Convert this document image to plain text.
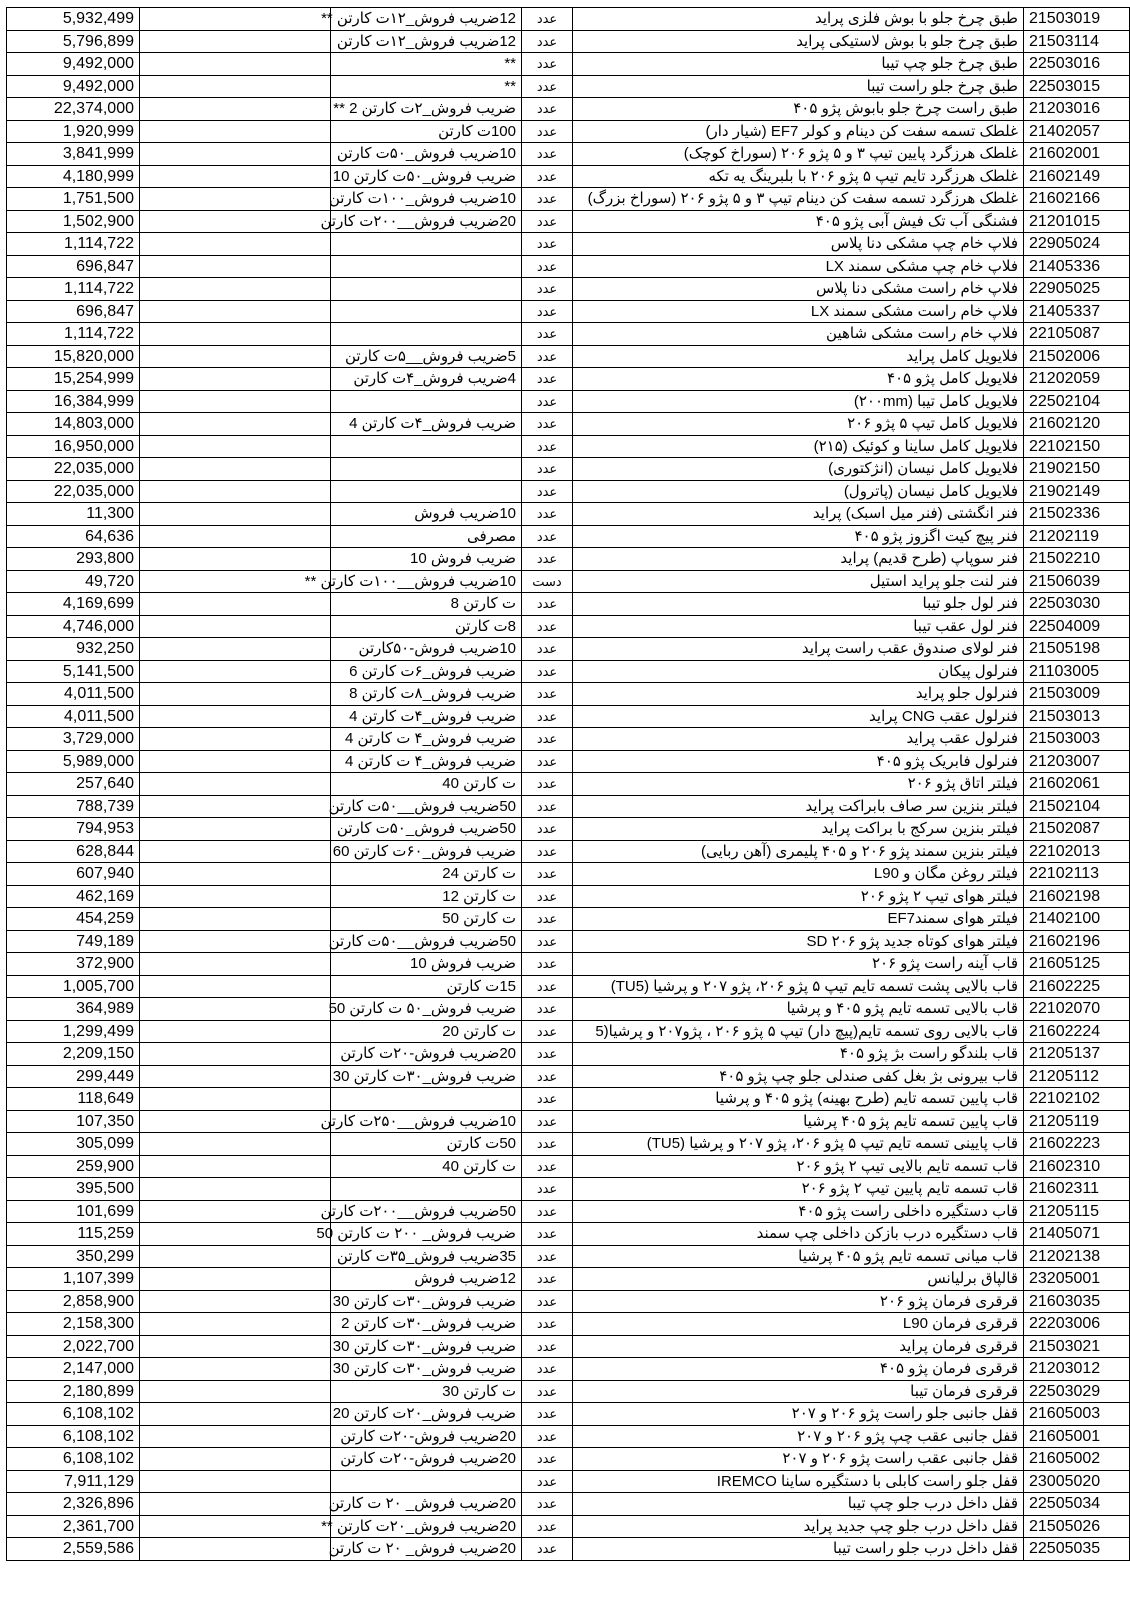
5,932,499		12ضریب فروش_۱۲ت کارتن **	عدد	طبق چرخ جلو با بوش فلزی پراید	21503019
5,796,899		12ضریب فروش_۱۲ت کارتن	عدد	طبق چرخ جلو با بوش لاستیکی پراید	21503114
9,492,000		**	عدد	طبق چرخ جلو چپ تیبا	22503016
9,492,000		**	عدد	طبق چرخ جلو راست تیبا	22503015
22,374,000		ضریب فروش_۲ت کارتن 2 **	عدد	طبق راست چرخ جلو بابوش پژو ۴۰۵	21203016
1,920,999		100ت کارتن	عدد	غلطک تسمه سفت کن دینام و کولر EF7 (شیار دار)	21402057
3,841,999		10ضریب فروش_۵۰ت کارتن	عدد	غلطک هرزگرد پایین تیپ ۳ و ۵ پژو ۲۰۶ (سوراخ کوچک)	21602001
4,180,999		ضریب فروش_۵۰ت کارتن 10	عدد	غلطک هرزگرد تایم تیپ ۵ پژو ۲۰۶ با بلبرینگ یه تکه	21602149
1,751,500		10ضریب فروش_۱۰۰ت کارتن	عدد	غلطک هرزگرد تسمه سفت کن دینام تیپ ۳ و ۵ پژو ۲۰۶ (سوراخ بزرگ)	21602166
1,502,900		20ضریب فروش__۲۰۰ت کارتن	عدد	فشنگی آب تک فیش آبی پژو ۴۰۵	21201015
1,114,722			عدد	فلاپ خام چپ مشکی دنا پلاس	22905024
696,847			عدد	فلاپ خام چپ مشکی سمند LX	21405336
1,114,722			عدد	فلاپ خام راست مشکی دنا پلاس	22905025
696,847			عدد	فلاپ خام راست مشکی سمند LX	21405337
1,114,722			عدد	فلاپ خام راست مشکی شاهین	22105087
15,820,000		5ضریب فروش__۵ت کارتن	عدد	فلایویل کامل پراید	21502006
15,254,999		4ضریب فروش_۴ت کارتن	عدد	فلایویل کامل پژو ۴۰۵	21202059
16,384,999			عدد	فلایویل کامل تیبا (۲۰۰mm)	22502104
14,803,000		ضریب فروش_۴ت کارتن 4	عدد	فلایویل کامل تیپ ۵ پژو ۲۰۶	21602120
16,950,000			عدد	فلایویل کامل ساینا و کوئیک (۲۱۵)	22102150
22,035,000			عدد	فلایویل کامل نیسان (انژکتوری)	21902150
22,035,000			عدد	فلایویل کامل نیسان (پاترول)	21902149
11,300		10ضریب فروش	عدد	فنر انگشتی (فنر میل اسبک) پراید	21502336
64,636		مصرفی	عدد	فنر پیچ کیت اگزوز پژو ۴۰۵	21202119
293,800		ضریب فروش 10	عدد	فنر سوپاپ (طرح قدیم) پراید	21502210
49,720		10ضریب فروش__۱۰۰ت کارتن **	دست	فنر لنت جلو پراید استیل	21506039
4,169,699		ت کارتن 8	عدد	فنر لول جلو تیبا	22503030
4,746,000		8ت کارتن	عدد	فنر لول عقب تیبا	22504009
932,250		10ضریب فروش-۵۰کارتن	عدد	فنر لولای صندوق عقب راست پراید	21505198
5,141,500		ضریب فروش_۶ت کارتن 6	عدد	فنرلول پیکان	21103005
4,011,500		ضریب فروش_۸ت کارتن 8	عدد	فنرلول جلو پراید	21503009
4,011,500		ضریب فروش_۴ت کارتن 4	عدد	فنرلول عقب CNG پراید	21503013
3,729,000		ضریب فروش_۴ ت کارتن 4	عدد	فنرلول عقب پراید	21503003
5,989,000		ضریب فروش_۴ ت کارتن 4	عدد	فنرلول فابریک پژو ۴۰۵	21203007
257,640		ت کارتن 40	عدد	فیلتر اتاق پژو ۲۰۶	21602061
788,739		50ضریب فروش__۵۰ت کارتن	عدد	فیلتر بنزین سر صاف بابراکت پراید	21502104
794,953		50ضریب فروش_۵۰ت کارتن	عدد	فیلتر بنزین سرکج با براکت پراید	21502087
628,844		ضریب فروش_۶۰ت کارتن 60	عدد	فیلتر بنزین سمند پژو ۲۰۶ و ۴۰۵ پلیمری (آهن ربایی)	22102013
607,940		ت کارتن 24	عدد	فیلتر روغن مگان و L90	22102113
462,169		ت کارتن 12	عدد	فیلتر هوای تیپ ۲ پژو ۲۰۶	21602198
454,259		ت کارتن 50	عدد	فیلتر هوای سمندEF7	21402100
749,189		50ضریب فروش__۵۰ت کارتن	عدد	فیلتر هوای کوتاه جدید پژو ۲۰۶ SD	21602196
372,900		ضریب فروش 10	عدد	قاب آینه راست پژو ۲۰۶	21605125
1,005,700		15ت کارتن	عدد	قاب بالایی پشت تسمه تایم تیپ ۵ پژو ۲۰۶، پژو ۲۰۷ و پرشیا (TU5)	21602225
364,989		ضریب فروش_۵۰ ت کارتن 50	عدد	قاب بالایی تسمه تایم پژو ۴۰۵ و پرشیا	22102070
1,299,499		ت کارتن 20	عدد	قاب بالایی روی تسمه تایم(پیچ دار) تیپ ۵ پژو ۲۰۶ ، پژو۲۰۷ و پرشیا(5	21602224
2,209,150		20ضریب فروش-۲۰ت کارتن	عدد	قاب بلندگو راست بژ پژو ۴۰۵	21205137
299,449		ضریب فروش_۳۰ت کارتن 30	عدد	قاب بیرونی بژ بغل کفی صندلی جلو چپ پژو ۴۰۵	21205112
118,649			عدد	قاب پایین تسمه تایم (طرح بهینه) پژو ۴۰۵ و پرشیا	22102102
107,350		10ضریب فروش__۲۵۰ت کارتن	عدد	قاب پایین تسمه تایم پژو ۴۰۵ پرشیا	21205119
305,099		50ت کارتن	عدد	قاب پایینی تسمه تایم تیپ ۵ پژو ۲۰۶، پژو ۲۰۷ و پرشیا (TU5)	21602223
259,900		ت کارتن 40	عدد	قاب تسمه تایم بالایی تیپ ۲ پژو ۲۰۶	21602310
395,500			عدد	قاب تسمه تایم پایین تیپ ۲ پژو ۲۰۶	21602311
101,699		50ضریب فروش__۲۰۰ت کارتن	عدد	قاب دستگیره داخلی راست پژو ۴۰۵	21205115
115,259		ضریب فروش_ ۲۰۰ ت کارتن 50	عدد	قاب دستگیره درب بازکن داخلی چپ سمند	21405071
350,299		35ضریب فروش_۳۵ت کارتن	عدد	قاب میانی تسمه تایم پژو ۴۰۵ پرشیا	21202138
1,107,399		12ضریب فروش	عدد	قالپاق برلیانس	23205001
2,858,900		ضریب فروش_۳۰ت کارتن 30	عدد	قرقری فرمان پژو ۲۰۶	21603035
2,158,300		ضریب فروش_۳۰ت کارتن 2	عدد	قرقری فرمان L90	22203006
2,022,700		ضریب فروش_۳۰ت کارتن 30	عدد	قرقری فرمان پراید	21503021
2,147,000		ضریب فروش_۳۰ت کارتن 30	عدد	قرقری فرمان پژو ۴۰۵	21203012
2,180,899		ت کارتن 30	عدد	قرقری فرمان تیبا	22503029
6,108,102		ضریب فروش_۲۰ت کارتن 20	عدد	قفل جانبی جلو راست پژو ۲۰۶ و ۲۰۷	21605003
6,108,102		20ضریب فروش-۲۰ت کارتن	عدد	قفل جانبی عقب چپ پژو ۲۰۶ و ۲۰۷	21605001
6,108,102		20ضریب فروش-۲۰ت کارتن	عدد	قفل جانبی عقب راست پژو ۲۰۶ و ۲۰۷	21605002
7,911,129			عدد	قفل جلو راست کابلی با دستگیره ساینا IREMCO	23005020
2,326,896		20ضریب فروش_ ۲۰ ت کارتن	عدد	قفل داخل درب جلو چپ تیبا	22505034
2,361,700		20ضریب فروش_۲۰ت کارتن **	عدد	قفل داخل درب جلو چپ جدید پراید	21505026
2,559,586		20ضریب فروش_ ۲۰ ت کارتن	عدد	قفل داخل درب جلو راست تیبا	22505035
